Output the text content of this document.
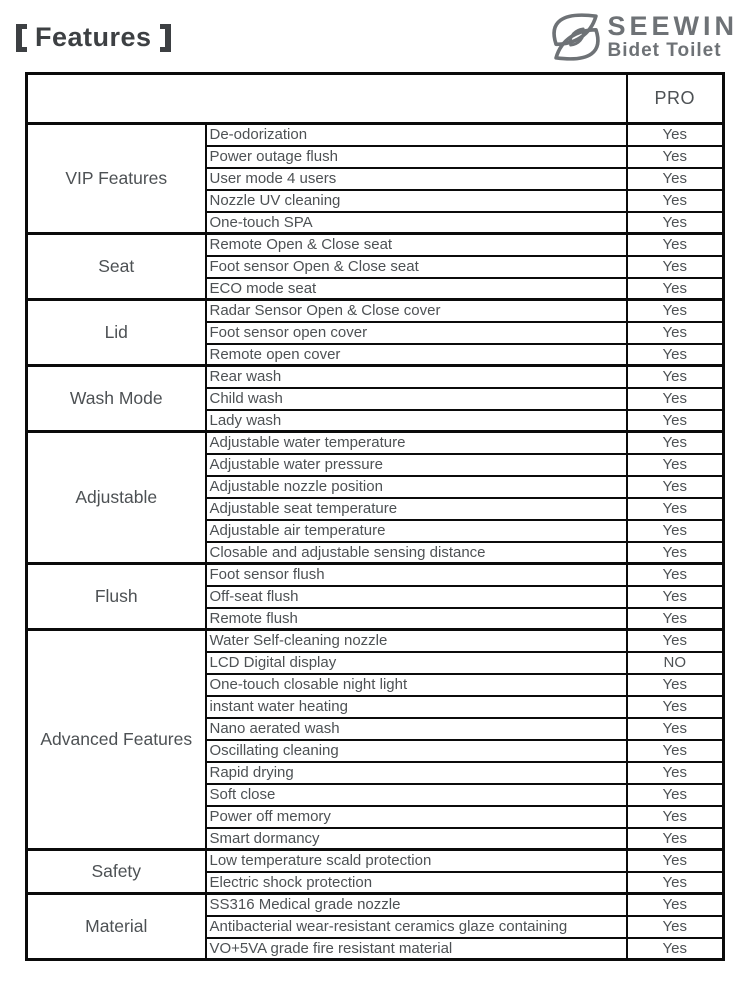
Features	SEEWIN
Bidet Toilet
		PRO
VIP Features	De-odorization	Yes
	Power outage flush	Yes
	User mode 4 users	Yes
	Nozzle UV cleaning	Yes
	One-touch SPA	Yes
Seat	Remote Open & Close seat	Yes
	Foot sensor Open & Close seat	Yes
	ECO mode seat	Yes
Lid	Radar Sensor Open & Close cover	Yes
	Foot sensor open cover	Yes
	Remote open cover	Yes
Wash Mode	Rear wash	Yes
	Child wash	Yes
	Lady wash	Yes
Adjustable	Adjustable water temperature	Yes
	Adjustable water pressure	Yes
	Adjustable nozzle position	Yes
	Adjustable seat temperature	Yes
	Adjustable air temperature	Yes
	Closable and adjustable sensing distance	Yes
Flush	Foot sensor flush	Yes
	Off-seat flush	Yes
	Remote flush	Yes
Advanced Features	Water Self-cleaning nozzle	Yes
	LCD Digital display	NO
	One-touch closable night light	Yes
	instant water heating	Yes
	Nano aerated wash	Yes
	Oscillating cleaning	Yes
	Rapid drying	Yes
	Soft close	Yes
	Power off memory	Yes
	Smart dormancy	Yes
Safety	Low temperature scald protection	Yes
	Electric shock protection	Yes
Material	SS316 Medical grade nozzle	Yes
	Antibacterial wear-resistant ceramics glaze containing	Yes
	VO+5VA grade fire resistant material	Yes
